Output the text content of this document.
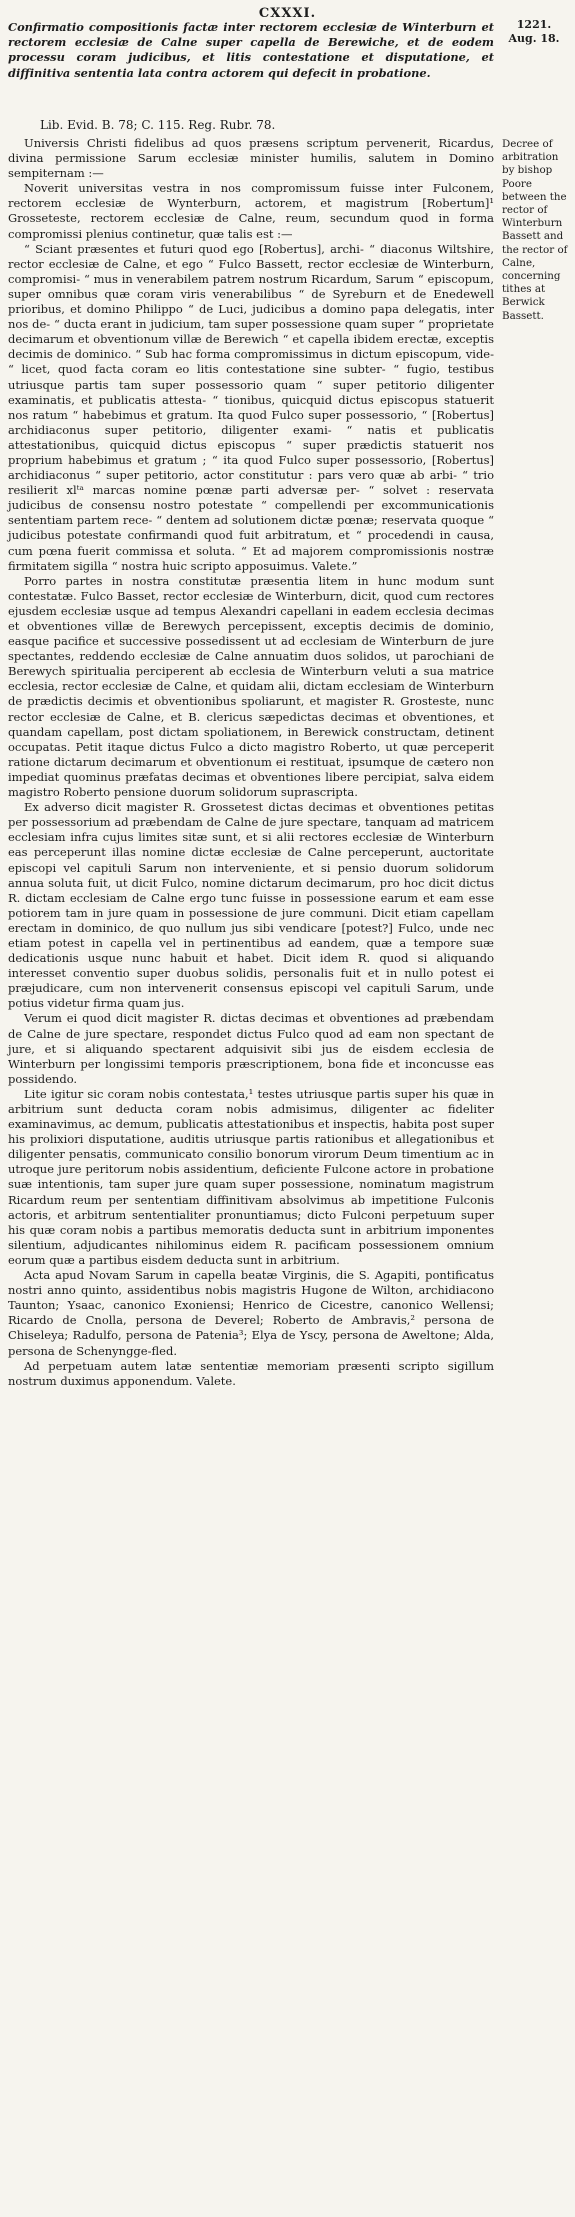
CXXXI.
1221.
Aug. 18.
Confirmatio compositionis factæ inter rectorem ecclesiæ de Winterburn et rectorem ecclesiæ de Calne super capella de Berewiche, et de eodem processu coram judicibus, et litis contestatione et disputatione, et diffinitiva sententia lata contra actorem qui defecit in probatione.
Lib. Evid. B. 78; C. 115. Reg. Rubr. 78.

Universis Christi fidelibus ad quos præsens scriptum pervenerit, Ricardus, divina permissione Sarum ecclesiæ minister humilis, salutem in Domino sempiternam :—

Noverit universitas vestra in nos compromissum fuisse inter Fulconem, rectorem ecclesiæ de Wynterburn, actorem, et magistrum [Robertum]¹ Grosseteste, rectorem ecclesiæ de Calne, reum, secundum quod in forma compromissi plenius continetur, quæ talis est :—

“ Sciant præsentes et futuri quod ego [Robertus], archi- “ diaconus Wiltshire, rector ecclesiæ de Calne, et ego “ Fulco Bassett, rector ecclesiæ de Winterburn, compromisi- “ mus in venerabilem patrem nostrum Ricardum, Sarum “ episcopum, super omnibus quæ coram viris venerabilibus “ de Syreburn et de Enedewell prioribus, et domino Philippo “ de Luci, judicibus a domino papa delegatis, inter nos de- “ ducta erant in judicium, tam super possessione quam super “ proprietate decimarum et obventionum villæ de Berewich “ et capella ibidem erectæ, exceptis decimis de dominico. “ Sub hac forma compromissimus in dictum episcopum, vide- “ licet, quod facta coram eo litis contestatione sine subter- “ fugio, testibus utriusque partis tam super possessorio quam “ super petitorio diligenter examinatis, et publicatis attesta- “ tionibus, quicquid dictus episcopus statuerit nos ratum “ habebimus et gratum. Ita quod Fulco super possessorio, “ [Robertus] archidiaconus super petitorio, diligenter exami- “ natis et publicatis attestationibus, quicquid dictus episcopus “ super prædictis statuerit nos proprium habebimus et gratum ; “ ita quod Fulco super possessorio, [Robertus] archidiaconus “ super petitorio, actor constitutur : pars vero quæ ab arbi- “ trio resilierit xlᵗᵃ marcas nomine pœnæ parti adversæ per- “ solvet : reservata judicibus de consensu nostro potestate “ compellendi per excommunicationis sententiam partem rece- “ dentem ad solutionem dictæ pœnæ; reservata quoque “ judicibus potestate confirmandi quod fuit arbitratum, et “ procedendi in causa, cum pœna fuerit commissa et soluta. “ Et ad majorem compromissionis nostræ firmitatem sigilla “ nostra huic scripto apposuimus. Valete.”

Porro partes in nostra constitutæ præsentia litem in hunc modum sunt contestatæ. Fulco Basset, rector ecclesiæ de Winterburn, dicit, quod cum rectores ejusdem ecclesiæ usque ad tempus Alexandri capellani in eadem ecclesia decimas et obventiones villæ de Berewych percepissent, exceptis decimis de dominio, easque pacifice et successive possedissent ut ad ecclesiam de Winterburn de jure spectantes, reddendo ecclesiæ de Calne annuatim duos solidos, ut parochiani de Berewych spiritualia perciperent ab ecclesia de Winterburn veluti a sua matrice ecclesia, rector ecclesiæ de Calne, et quidam alii, dictam ecclesiam de Winterburn de prædictis decimis et obventionibus spoliarunt, et magister R. Grosteste, nunc rector ecclesiæ de Calne, et B. clericus sæpedictas decimas et obventiones, et quandam capellam, post dictam spoliationem, in Berewick constructam, detinent occupatas. Petit itaque dictus Fulco a dicto magistro Roberto, ut quæ perceperit ratione dictarum decimarum et obventionum ei restituat, ipsumque de cætero non impediat quominus præfatas decimas et obventiones libere percipiat, salva eidem magistro Roberto pensione duorum solidorum suprascripta.

Ex adverso dicit magister R. Grossetest dictas decimas et obventiones petitas per possessorium ad præbendam de Calne de jure spectare, tanquam ad matricem ecclesiam infra cujus limites sitæ sunt, et si alii rectores ecclesiæ de Winterburn eas perceperunt illas nomine dictæ ecclesiæ de Calne perceperunt, auctoritate episcopi vel capituli Sarum non interveniente, et si pensio duorum solidorum annua soluta fuit, ut dicit Fulco, nomine dictarum decimarum, pro hoc dicit dictus R. dictam ecclesiam de Calne ergo tunc fuisse in possessione earum et eam esse potiorem tam in jure quam in possessione de jure communi. Dicit etiam capellam erectam in dominico, de quo nullum jus sibi vendicare [potest?] Fulco, unde nec etiam potest in capella vel in pertinentibus ad eandem, quæ a tempore suæ dedicationis usque nunc habuit et habet. Dicit idem R. quod si aliquando interesset conventio super duobus solidis, personalis fuit et in nullo potest ei præjudicare, cum non intervenerit consensus episcopi vel capituli Sarum, unde potius videtur firma quam jus.

Verum ei quod dicit magister R. dictas decimas et obventiones ad præbendam de Calne de jure spectare, respondet dictus Fulco quod ad eam non spectant de jure, et si aliquando spectarent adquisivit sibi jus de eisdem ecclesia de Winterburn per longissimi temporis præscriptionem, bona fide et inconcusse eas possidendo.

Lite igitur sic coram nobis contestata,¹ testes utriusque partis super his quæ in arbitrium sunt deducta coram nobis admisimus, diligenter ac fideliter examinavimus, ac demum, publicatis attestationibus et inspectis, habita post super his prolixiori disputatione, auditis utriusque partis rationibus et allegationibus et diligenter pensatis, communicato consilio bonorum virorum Deum timentium ac in utroque jure peritorum nobis assidentium, deficiente Fulcone actore in probatione suæ intentionis, tam super jure quam super possessione, nominatum magistrum Ricardum reum per sententiam diffinitivam absolvimus ab impetitione Fulconis actoris, et arbitrum sententialiter pronuntiamus; dicto Fulconi perpetuum super his quæ coram nobis a partibus memoratis deducta sunt in arbitrium imponentes silentium, adjudicantes nihilominus eidem R. pacificam possessionem omnium eorum quæ a partibus eisdem deducta sunt in arbitrium.

Acta apud Novam Sarum in capella beatæ Virginis, die S. Agapiti, pontificatus nostri anno quinto, assidentibus nobis magistris Hugone de Wilton, archidiacono Taunton; Ysaac, canonico Exoniensi; Henrico de Cicestre, canonico Wellensi; Ricardo de Cnolla, persona de Deverel; Roberto de Ambravis,² persona de Chiseleya; Radulfo, persona de Patenia³; Elya de Yscy, persona de Aweltone; Alda, persona de Schenyngge-fled.

Ad perpetuam autem latæ sententiæ memoriam præsenti scripto sigillum nostrum duximus apponendum. Valete.

Decree of arbitration by bishop Poore between the rector of Winterburn Bassett and the rector of Calne, concerning tithes at Berwick Bassett.
